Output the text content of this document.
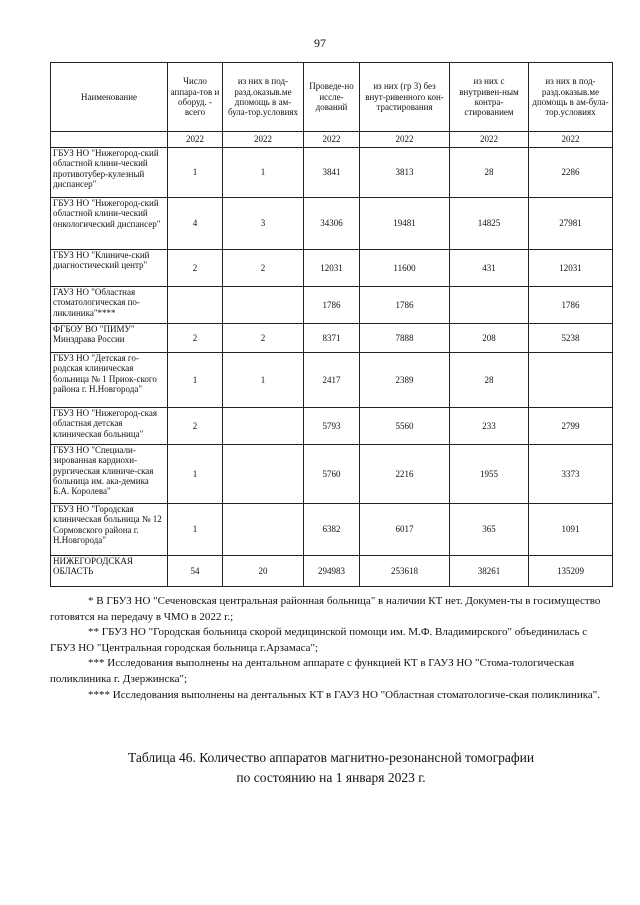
97
Наименование	Число аппара-тов и оборуд. - всего	из них в под-разд.оказыв.ме дпомощь в ам-була-тор.условиях	Проведе-но иссле-дований	из них (гр 3) без внут-ривенного кон-трастирования	из них с внутривен-ным контра-стированием	из них в под-разд.оказыв.ме дпомощь в ам-була-тор.условиях
	2022	2022	2022	2022	2022	2022
ГБУЗ НО "Нижегород-ский областной клини-ческий противотубер-кулезный диспансер"	1	1	3841	3813	28	2286
ГБУЗ НО "Нижегород-ский областной клини-ческий онкологический диспансер"	4	3	34306	19481	14825	27981
ГБУЗ НО "Клиниче-ский диагностический центр"	2	2	12031	11600	431	12031
ГАУЗ НО "Областная стоматологическая по-ликлиника"****			1786	1786		1786
ФГБОУ ВО "ПИМУ" Минздрава России	2	2	8371	7888	208	5238
ГБУЗ НО "Детская го-родская клиническая больница № 1 Приок-ского района г. Н.Новгорода"	1	1	2417	2389	28	
ГБУЗ НО "Нижегород-ская областная детская клиническая больница"	2		5793	5560	233	2799
ГБУЗ НО "Специали-зированная кардиохи-рургическая клиниче-ская больница им. ака-демика Б.А. Королева"	1		5760	2216	1955	3373
ГБУЗ НО "Городская клиническая больница № 12 Сормовского района г. Н.Новгорода"	1		6382	6017	365	1091
НИЖЕГОРОДСКАЯ ОБЛАСТЬ	54	20	294983	253618	38261	135209

* В ГБУЗ НО "Сеченовская центральная районная больница" в наличии КТ нет. Докумен-ты в госимущество готовятся на передачу в ЧМО в 2022 г.;

** ГБУЗ НО "Городская больница скорой медицинской помощи им. М.Ф. Владимирского" объединилась с ГБУЗ НО "Центральная городская больница г.Арзамаса";

*** Исследования выполнены на дентальном аппарате с функцией КТ в ГАУЗ НО "Стома-тологическая поликлиника г. Дзержинска";

**** Исследования выполнены на дентальных КТ в ГАУЗ НО "Областная стоматологиче-ская поликлиника".

Таблица 46. Количество аппаратов магнитно-резонансной томографии
по состоянию на 1 января 2023 г.
